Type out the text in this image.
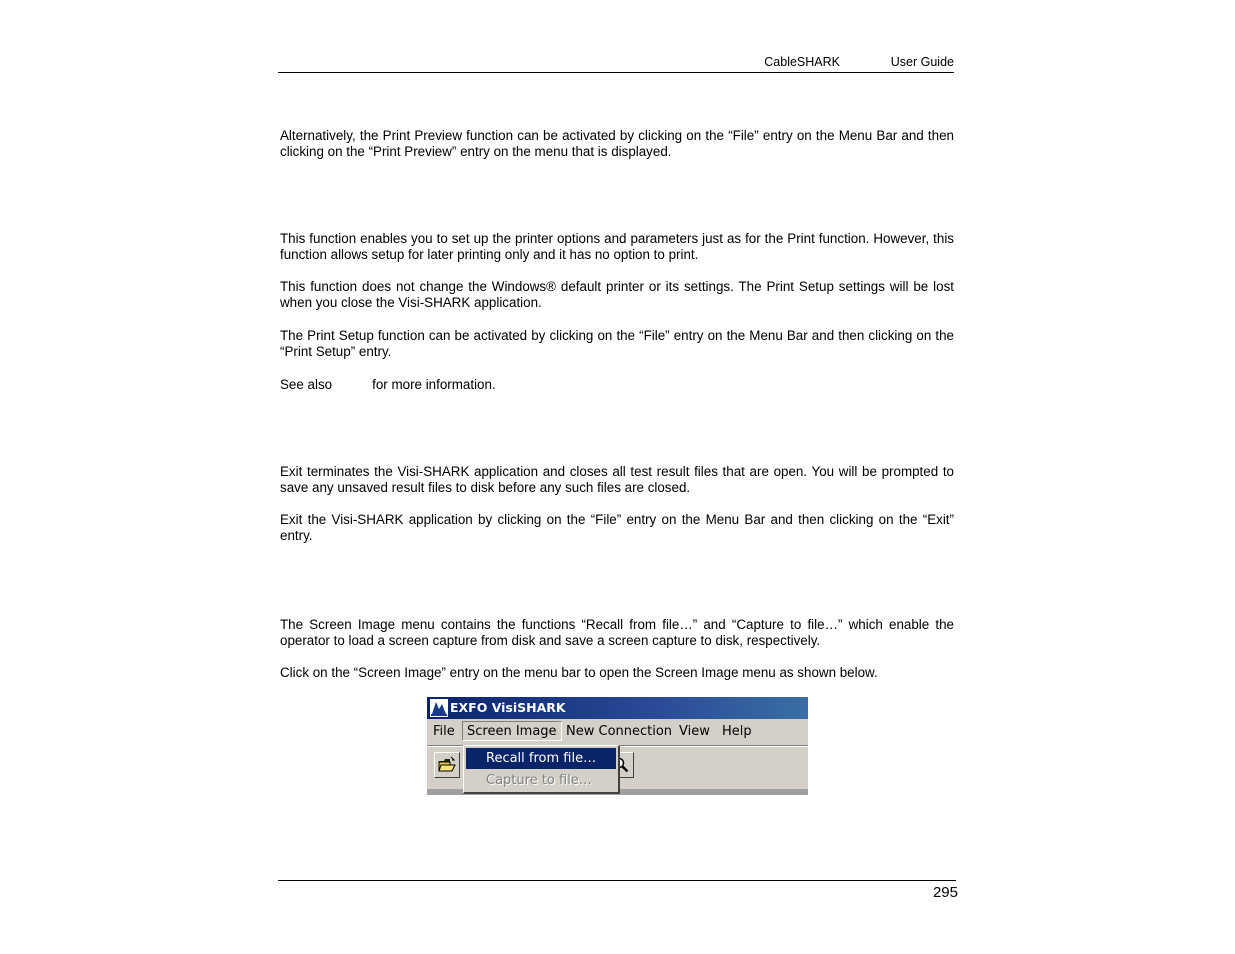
CableSHARK	User Guide

Alternatively, the Print Preview function can be activated by clicking on the “File” entry on the Menu Bar and then clicking on the “Print Preview” entry on the menu that is displayed.

This function enables you to set up the printer options and parameters just as for the Print function. However, this function allows setup for later printing only and it has no option to print.

This function does not change the Windows® default printer or its settings. The Print Setup settings will be lost when you close the Visi-SHARK application.

The Print Setup function can be activated by clicking on the “File” entry on the Menu Bar and then clicking on the “Print Setup” entry.

See also	for more information.

Exit terminates the Visi-SHARK application and closes all test result files that are open. You will be prompted to save any unsaved result files to disk before any such files are closed.

Exit the Visi-SHARK application by clicking on the “File” entry on the Menu Bar and then clicking on the “Exit” entry.

The Screen Image menu contains the functions “Recall from file…” and “Capture to file…” which enable the operator to load a screen capture from disk and save a screen capture to disk, respectively.

Click on the “Screen Image” entry on the menu bar to open the Screen Image menu as shown below.

EXFO VisiSHARK
File Screen Image New Connection View Help
Recall from file…
Capture to file…
295
